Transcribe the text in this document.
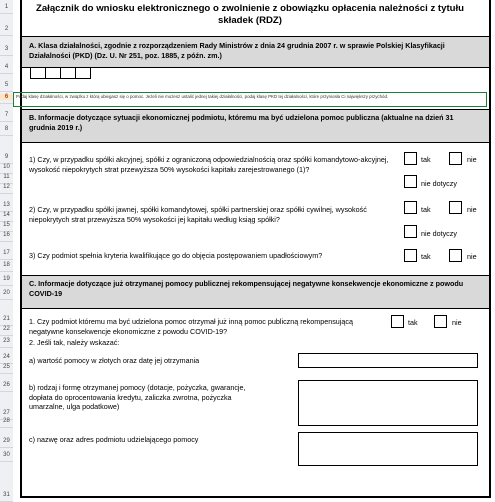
1
2
3
4
5
6
7
8
9
10
11
12
13
14
15
16
17
18
19
20
21
22
23
24
25
26
27
28
29
30
31
Załącznik do wniosku elektronicznego o zwolnienie z obowiązku opłacenia należności z tytułu składek (RDZ)
A. Klasa działalności, zgodnie z rozporządzeniem Rady Ministrów z dnia 24 grudnia 2007 r. w sprawie Polskiej Klasyfikacji Działalności (PKD) (Dz. U. Nr 251, poz. 1885, z późn. zm.)
Podaj klasę działalności, w związku z którą ubiegasz się o pomoc. Jeżeli nie możesz ustalić jednej takiej działalności, podaj klasę PKD tej działalności, które przyniosła Ci największy przychód.
B. Informacje dotyczące sytuacji ekonomicznej podmiotu, któremu ma być udzielona pomoc publiczna (aktualne na dzień 31 grudnia 2019 r.)
1) Czy, w przypadku spółki akcyjnej, spółki z ograniczoną odpowiedzialnością oraz spółki komandytowo-akcyjnej, wysokość niepokrytych strat przewyższa 50% wysokości kapitału zarejestrowanego (1)?
tak	nie
nie dotyczy
2) Czy, w przypadku spółki jawnej, spółki komandytowej, spółki partnerskiej oraz spółki cywilnej, wysokość niepokrytych strat przewyższa 50% wysokości jej kapitału według ksiąg spółki?
tak	nie
nie dotyczy
3) Czy podmiot spełnia kryteria kwalifikujące go do objęcia postępowaniem upadłościowym?	tak	nie
C. Informacje dotyczące już otrzymanej pomocy publicznej rekompensującej negatywne konsekwencje ekonomiczne z powodu COVID-19
1. Czy podmiot któremu ma być udzielona pomoc otrzymał już inną pomoc publiczną rekompensującą negatywne konsekwencje ekonomiczne z powodu COVID-19?
tak	nie
2. Jeśli tak, należy wskazać:
a) wartość pomocy w złotych oraz datę jej otrzymania
b) rodzaj i formę otrzymanej pomocy (dotacje, pożyczka, gwarancje, dopłata do oprocentowania kredytu, zaliczka zwrotna, pożyczka umarzalne, ulga podatkowe)
c) nazwę oraz adres podmiotu udzielającego pomocy
